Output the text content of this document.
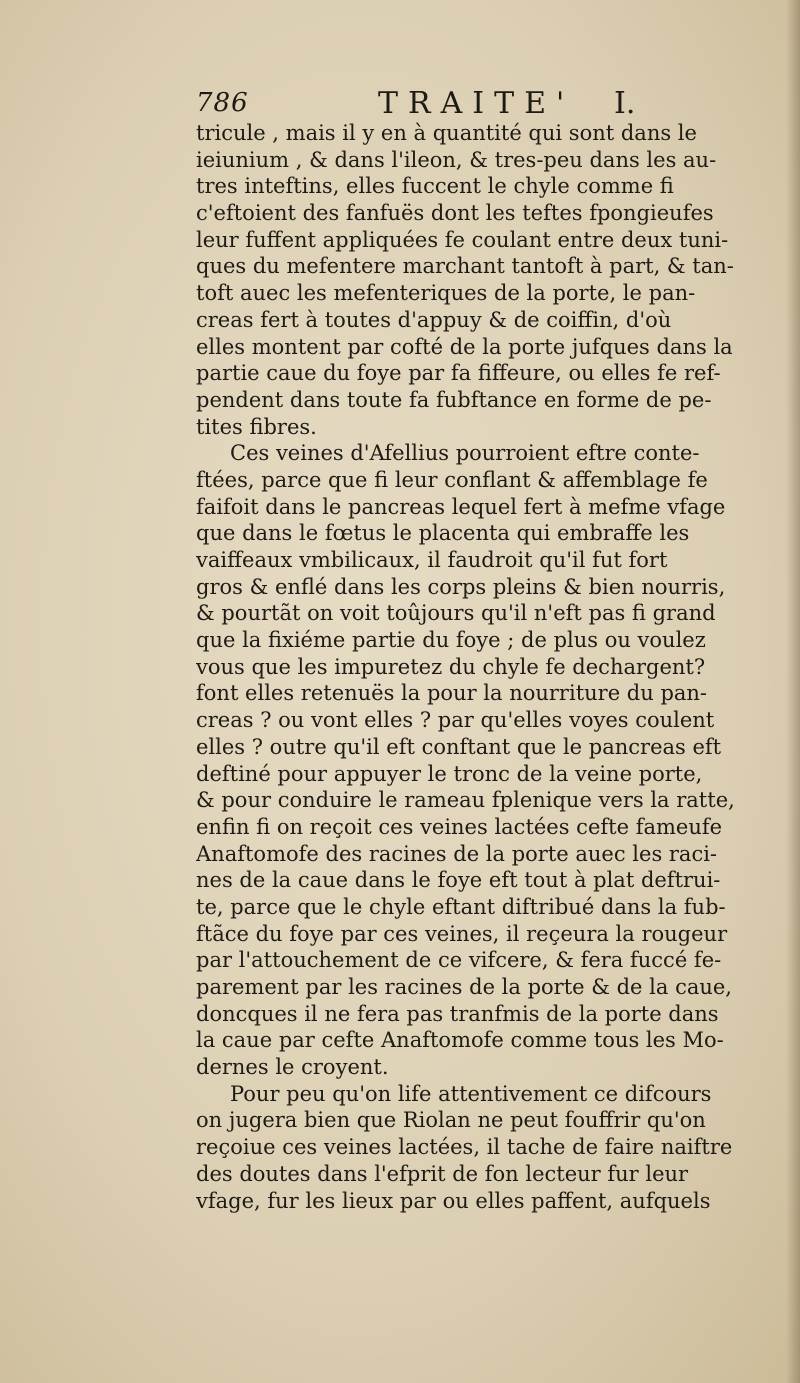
786	TRAITE' I.
tricule , mais il y en à quantité qui sont dans le
ieiunium , & dans l'ileon, & tres-peu dans les au-
tres inteftins, elles fuccent le chyle comme fi
c'eftoient des fanfuës dont les teftes fpongieufes
leur fuffent appliquées fe coulant entre deux tuni-
ques du mefentere marchant tantoft à part, & tan-
toft auec les mefenteriques de la porte, le pan-
creas fert à toutes d'appuy & de coiffin, d'où
elles montent par cofté de la porte jufques dans la
partie caue du foye par fa fiffeure, ou elles fe ref-
pendent dans toute fa fubftance en forme de pe-
tites fibres.
Ces veines d'Afellius pourroient eftre conte-
ftées, parce que fi leur conflant & affemblage fe
faifoit dans le pancreas lequel fert à mefme vfage
que dans le fœtus le placenta qui embraffe les
vaiffeaux vmbilicaux, il faudroit qu'il fut fort
gros & enflé dans les corps pleins & bien nourris,
& pourtãt on voit toûjours qu'il n'eft pas fi grand
que la fixiéme partie du foye ; de plus ou voulez
vous que les impuretez du chyle fe dechargent?
font elles retenuës la pour la nourriture du pan-
creas ? ou vont elles ? par qu'elles voyes coulent
elles ? outre qu'il eft conftant que le pancreas eft
deftiné pour appuyer le tronc de la veine porte,
& pour conduire le rameau fplenique vers la ratte,
enfin fi on reçoit ces veines lactées cefte fameufe
Anaftomofe des racines de la porte auec les raci-
nes de la caue dans le foye eft tout à plat deftrui-
te, parce que le chyle eftant diftribué dans la fub-
ftãce du foye par ces veines, il reçeura la rougeur
par l'attouchement de ce vifcere, & fera fuccé fe-
parement par les racines de la porte & de la caue,
doncques il ne fera pas tranfmis de la porte dans
la caue par cefte Anaftomofe comme tous les Mo-
dernes le croyent.
Pour peu qu'on life attentivement ce difcours
on jugera bien que Riolan ne peut fouffrir qu'on
reçoiue ces veines lactées, il tache de faire naiftre
des doutes dans l'efprit de fon lecteur fur leur
vfage, fur les lieux par ou elles paffent, aufquels
